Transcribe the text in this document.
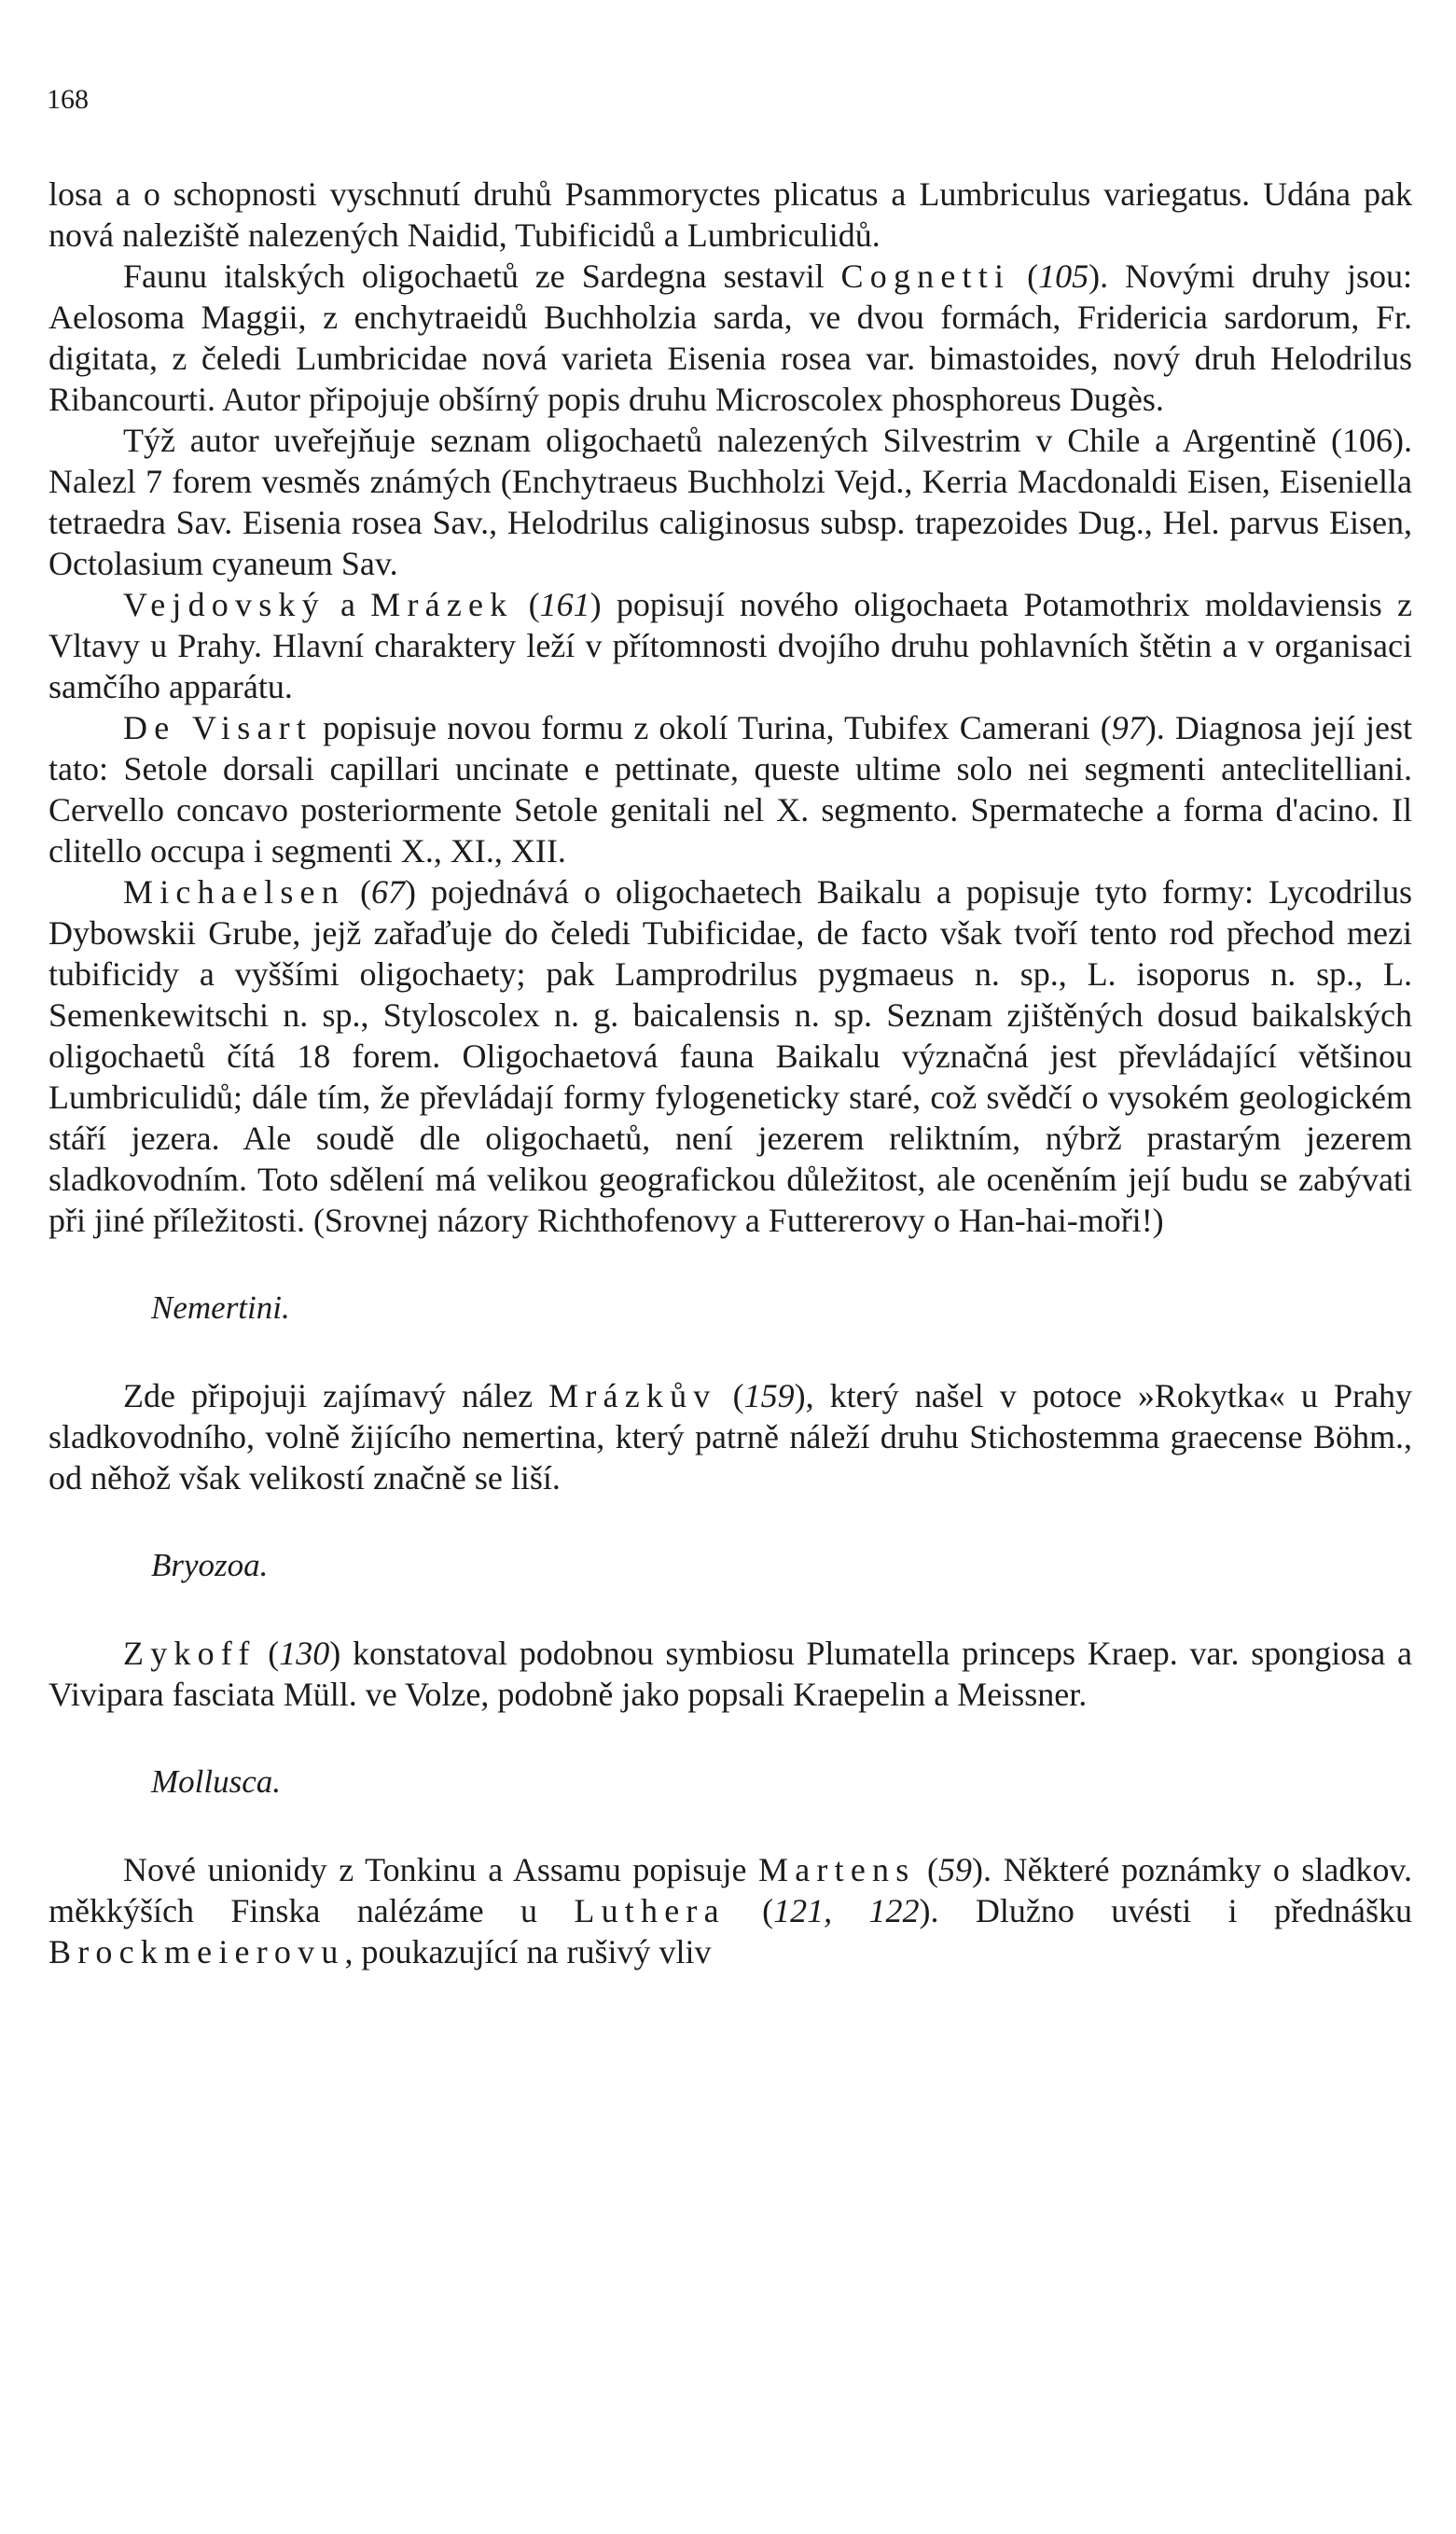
168

losa a o schopnosti vyschnutí druhů Psammoryctes plicatus a Lumbriculus variegatus. Udána pak nová naleziště nalezených Naidid, Tubificidů a Lumbriculidů.

Faunu italských oligochaetů ze Sardegna sestavil Cognetti (105). Novými druhy jsou: Aelosoma Maggii, z enchytraeidů Buchholzia sarda, ve dvou formách, Fridericia sardorum, Fr. digitata, z čeledi Lumbricidae nová varieta Eisenia rosea var. bimastoides, nový druh Helodrilus Ribancourti. Autor připojuje obšírný popis druhu Microscolex phosphoreus Dugès.

Týž autor uveřejňuje seznam oligochaetů nalezených Silvestrim v Chile a Argentině (106). Nalezl 7 forem vesměs známých (Enchytraeus Buchholzi Vejd., Kerria Macdonaldi Eisen, Eiseniella tetraedra Sav. Eisenia rosea Sav., Helodrilus caliginosus subsp. trapezoides Dug., Hel. parvus Eisen, Octolasium cyaneum Sav.

Vejdovský a Mrázek (161) popisují nového oligochaeta Potamothrix moldaviensis z Vltavy u Prahy. Hlavní charaktery leží v přítomnosti dvojího druhu pohlavních štětin a v organisaci samčího apparátu.

De Visart popisuje novou formu z okolí Turina, Tubifex Camerani (97). Diagnosa její jest tato: Setole dorsali capillari uncinate e pettinate, queste ultime solo nei segmenti anteclitelliani. Cervello concavo posteriormente Setole genitali nel X. segmento. Spermateche a forma d'acino. Il clitello occupa i segmenti X., XI., XII.

Michaelsen (67) pojednává o oligochaetech Baikalu a popisuje tyto formy: Lycodrilus Dybowskii Grube, jejž zařaďuje do čeledi Tubificidae, de facto však tvoří tento rod přechod mezi tubificidy a vyššími oligochaety; pak Lamprodrilus pygmaeus n. sp., L. isoporus n. sp., L. Semenkewitschi n. sp., Styloscolex n. g. baicalensis n. sp. Seznam zjištěných dosud baikalských oligochaetů čítá 18 forem. Oligochaetová fauna Baikalu význačná jest převládající většinou Lumbriculidů; dále tím, že převládají formy fylogeneticky staré, což svědčí o vysokém geologickém stáří jezera. Ale soudě dle oligochaetů, není jezerem reliktním, nýbrž prastarým jezerem sladkovodním. Toto sdělení má velikou geografickou důležitost, ale oceněním její budu se zabývati při jiné příležitosti. (Srovnej názory Richthofenovy a Futtererovy o Han-hai-moři!)

Nemertini.

Zde připojuji zajímavý nález Mrázkův (159), který našel v potoce »Rokytka« u Prahy sladkovodního, volně žijícího nemertina, který patrně náleží druhu Stichostemma graecense Böhm., od něhož však velikostí značně se liší.

Bryozoa.

Zykoff (130) konstatoval podobnou symbiosu Plumatella princeps Kraep. var. spongiosa a Vivipara fasciata Müll. ve Volze, podobně jako popsali Kraepelin a Meissner.

Mollusca.

Nové unionidy z Tonkinu a Assamu popisuje Martens (59). Některé poznámky o sladkov. měkkýších Finska nalézáme u Luthera (121, 122). Dlužno uvésti i přednášku Brockmeierovu, poukazující na rušivý vliv
